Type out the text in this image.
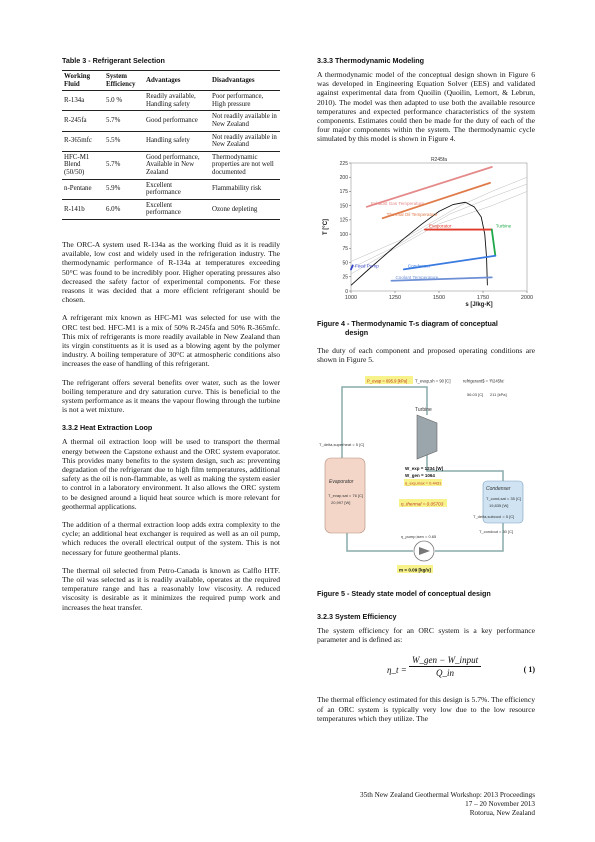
Table 3 - Refrigerant Selection
Working Fluid	System Efficiency	Advantages	Disadvantages
R-134a	5.0 %	Readily available, Handling safety	Poor performance, High pressure
R-245fa	5.7%	Good performance	Not readily available in New Zealand
R-365mfc	5.5%	Handling safety	Not readily available in New Zealand
HFC-M1 Blend (50/50)	5.7%	Good performance, Available in New Zealand	Thermodynamic properties are not well documented
n-Pentane	5.9%	Excellent performance	Flammability risk
R-141b	6.0%	Excellent performance	Ozone depleting

The ORC-A system used R-134a as the working fluid as it is readily available, low cost and widely used in the refrigeration industry. The thermodynamic performance of R-134a at temperatures exceeding 50°C was found to be incredibly poor. Higher operating pressures also decreased the safety factor of experimental components. For these reasons it was decided that a more efficient refrigerant should be chosen.

A refrigerant mix known as HFC-M1 was selected for use with the ORC test bed. HFC-M1 is a mix of 50% R-245fa and 50% R-365mfc. This mix of refrigerants is more readily available in New Zealand than its virgin constituents as it is used as a blowing agent by the polymer industry. A boiling temperature of 30°C at atmospheric conditions also increases the ease of handling of this refrigerant.

The refrigerant offers several benefits over water, such as the lower boiling temperature and dry saturation curve. This is beneficial to the system performance as it means the vapour flowing through the turbine is not a wet mixture.

3.3.2 Heat Extraction Loop

A thermal oil extraction loop will be used to transport the thermal energy between the Capstone exhaust and the ORC system evaporator. This provides many benefits to the system design, such as: preventing degradation of the refrigerant due to high film temperatures, additional safety as the oil is non-flammable, as well as making the system easier to control in a laboratory environment. It also allows the ORC system to be designed around a liquid heat source which is more relevant for geothermal applications.

The addition of a thermal extraction loop adds extra complexity to the cycle; an additional heat exchanger is required as well as an oil pump, which reduces the overall electrical output of the system. This is not necessary for future geothermal plants.

The thermal oil selected from Petro-Canada is known as Calflo HTF. The oil was selected as it is readily available, operates at the required temperature range and has a reasonably low viscosity. A reduced viscosity is desirable as it minimizes the required pump work and increases the heat transfer.

3.3.3 Thermodynamic Modeling

A thermodynamic model of the conceptual design shown in Figure 6 was developed in Engineering Equation Solver (EES) and validated against experimental data from Quoilin (Quoilin, Lemort, & Lebrun, 2010). The model was then adapted to use both the available resource temperatures and expected performance characteristics of the system components. Estimates could then be made for the duty of each of the four major components within the system. The thermodynamic cycle simulated by this model is shown in Figure 4.

1000	1250	1500	1750	2000
0
25
50
75
100
125
150
175
200
225
R245fa
s [J/kg-K]
T [°C]
Exhaust Gas Temperature
Thermal Oil Temperature
Evaporator	Turbine
Condenser
Feed Pump
Coolant Temperature
Figure 4 - Thermodynamic T-s diagram of conceptual
design

The duty of each component and proposed operating conditions are shown in Figure 5.

P_evap = 695.9 [kPa] T_evap,sh = 90 [C]	refrigerant$ = 'R245fa'
56.03 [C] 211 [kPa]
Turbine
W_exp = 1234 [W]
W_gen = 1064
η_exp,max = 0.4431
T_delta,superheat = 5 [C]
Evaporator
T_evap,sat = 76 [C]
20,997 [W]	η_thermal = 0.05703
Condenser
T_cond,sat = 35 [C]
19,835 [W]
T_delta,subcool = 5 [C]
T_condout = 30 [C]
η_pump,isen = 0.65
m = 0.09 [kg/s]
Figure 5 - Steady state model of conceptual design
3.2.3 System Efficiency

The system efficiency for an ORC system is a key performance parameter and is defined as:

η_t =
W_gen − W_input
Q_in	( 1)

The thermal efficiency estimated for this design is 5.7%. The efficiency of an ORC system is typically very low due to the low resource temperatures which they utilize. The

35th New Zealand Geothermal Workshop: 2013 Proceedings
17 – 20 November 2013
Rotorua, New Zealand
